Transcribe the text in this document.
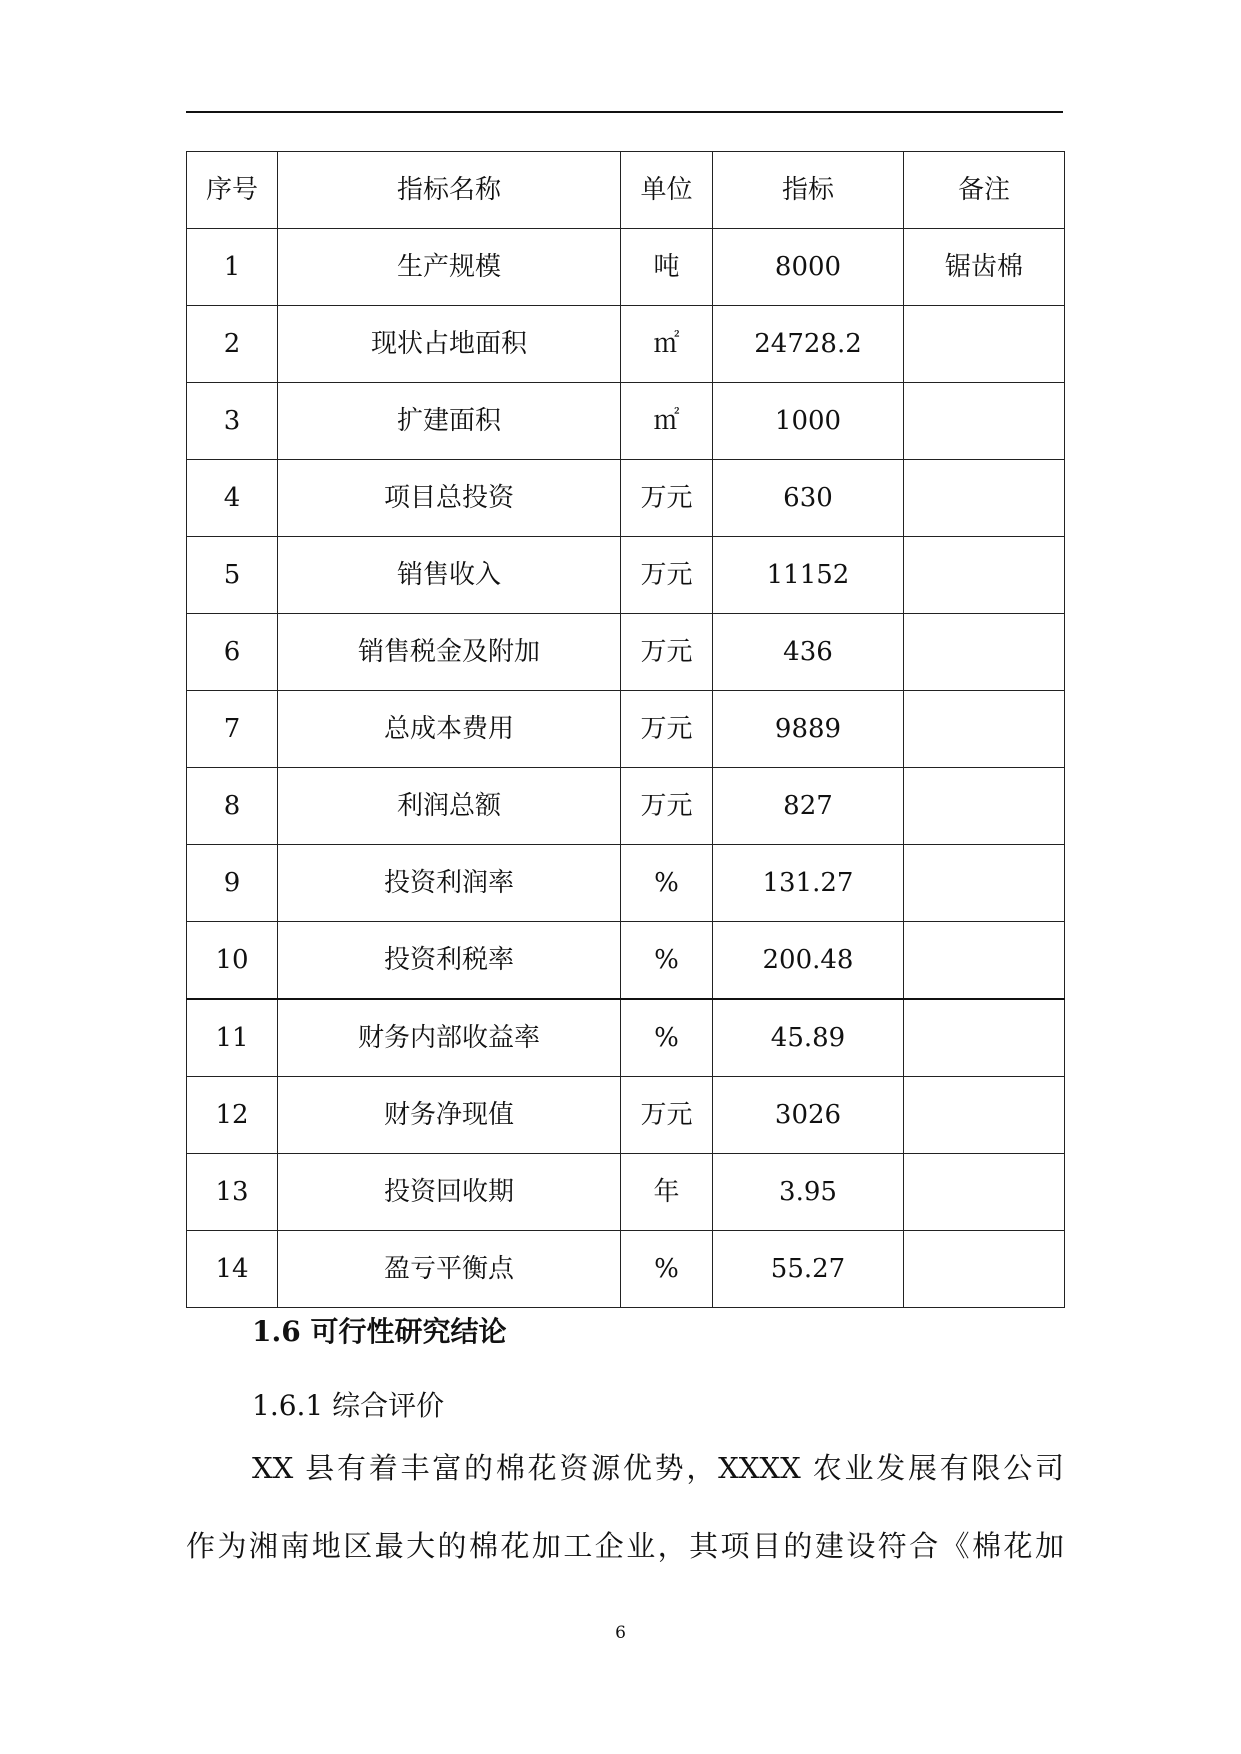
序号	指标名称	单位	指标	备注
1	生产规模	吨	8000	锯齿棉
2	现状占地面积	㎡	24728.2	
3	扩建面积	㎡	1000	
4	项目总投资	万元	630	
5	销售收入	万元	11152	
6	销售税金及附加	万元	436	
7	总成本费用	万元	9889	
8	利润总额	万元	827	
9	投资利润率	%	131.27	
10	投资利税率	%	200.48	
11	财务内部收益率	%	45.89	
12	财务净现值	万元	3026	
13	投资回收期	年	3.95	
14	盈亏平衡点	%	55.27	
1.6 可行性研究结论
1.6.1 综合评价
XX 县有着丰富的棉花资源优势，XXXX 农业发展有限公司
作为湘南地区最大的棉花加工企业，其项目的建设符合《棉花加
6
